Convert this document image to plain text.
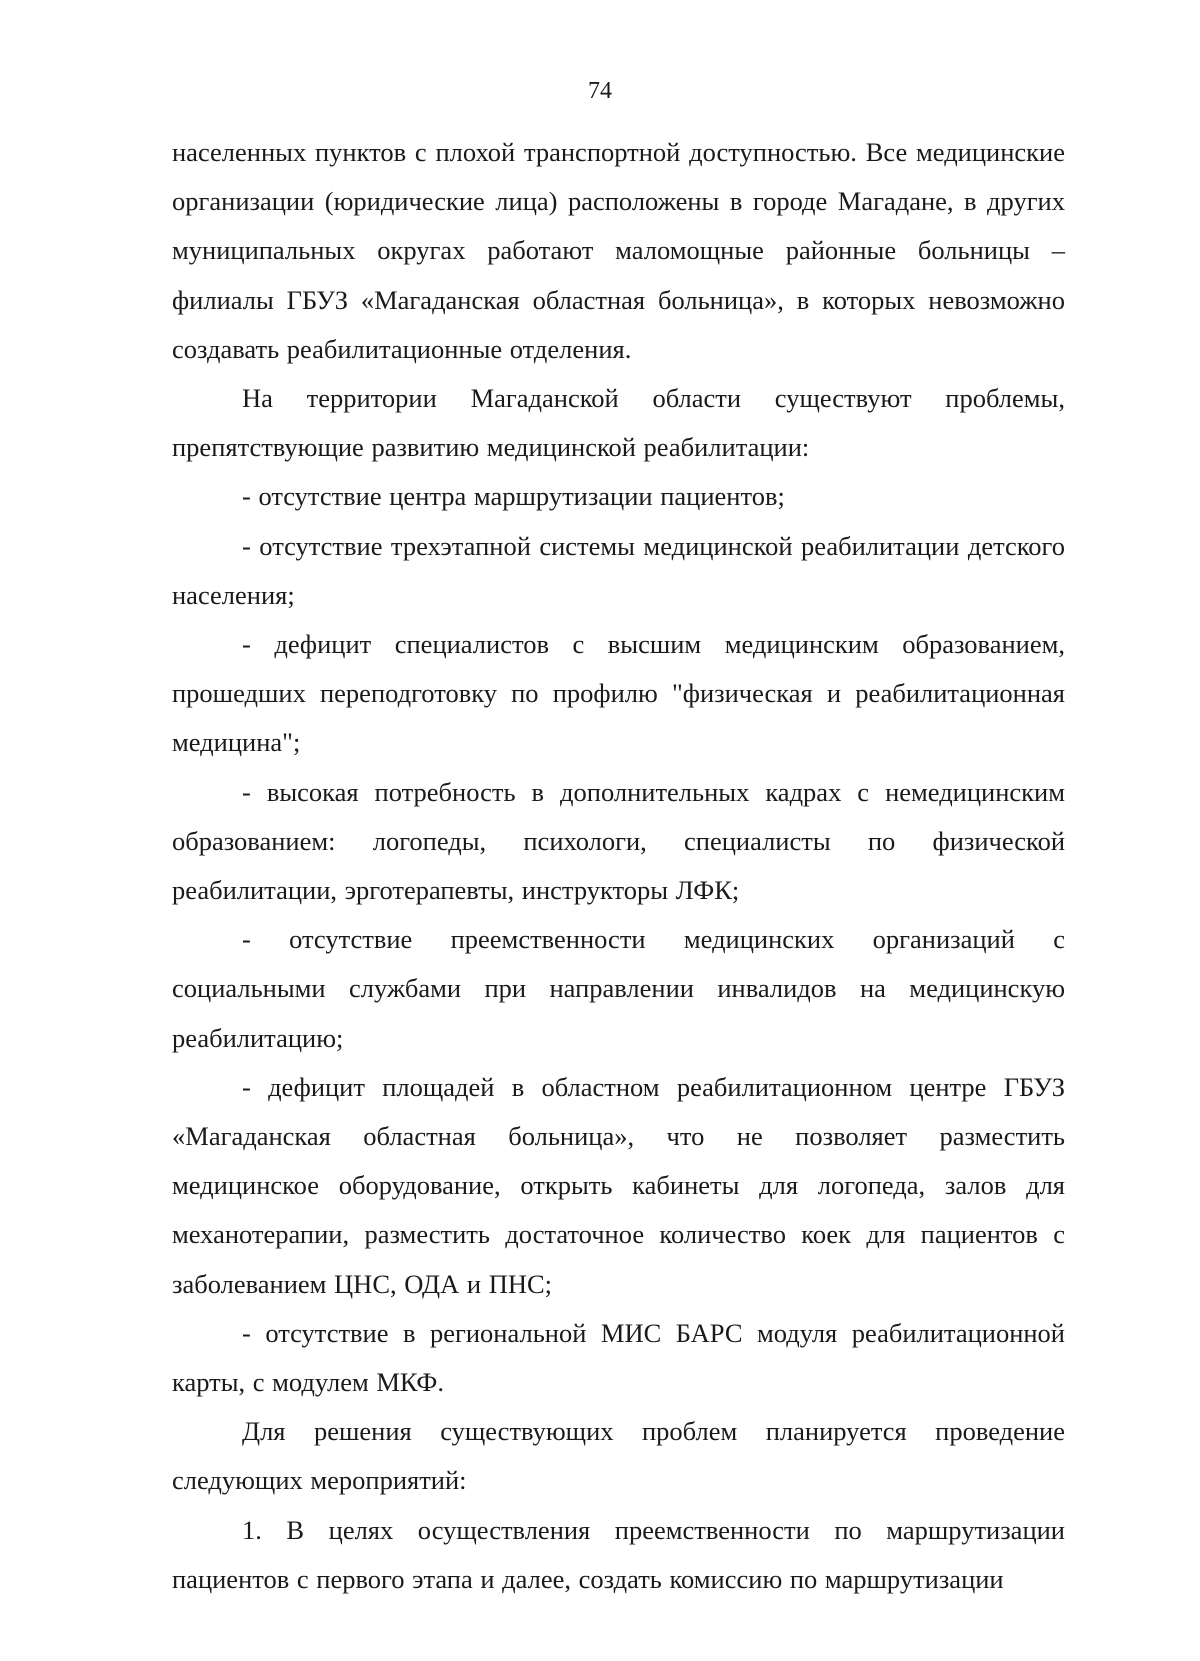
74

населенных пунктов с плохой транспортной доступностью. Все медицинские организации (юридические лица) расположены в городе Магадане, в других муниципальных округах работают маломощные районные больницы – филиалы ГБУЗ «Магаданская областная больница», в которых невозможно создавать реабилитационные отделения.

На территории Магаданской области существуют проблемы, препятствующие развитию медицинской реабилитации:

- отсутствие центра маршрутизации пациентов;

- отсутствие трехэтапной системы медицинской реабилитации детского населения;

- дефицит специалистов с высшим медицинским образованием, прошедших переподготовку по профилю "физическая и реабилитационная медицина";

- высокая потребность в дополнительных кадрах с немедицинским образованием: логопеды, психологи, специалисты по физической реабилитации, эрготерапевты, инструкторы ЛФК;

- отсутствие преемственности медицинских организаций с социальными службами при направлении инвалидов на медицинскую реабилитацию;

- дефицит площадей в областном реабилитационном центре ГБУЗ «Магаданская областная больница», что не позволяет разместить медицинское оборудование, открыть кабинеты для логопеда, залов для механотерапии, разместить достаточное количество коек для пациентов с заболеванием ЦНС, ОДА и ПНС;

- отсутствие в региональной МИС БАРС модуля реабилитационной карты, с модулем МКФ.

Для решения существующих проблем планируется проведение следующих мероприятий:

1. В целях осуществления преемственности по маршрутизации пациентов с первого этапа и далее, создать комиссию по маршрутизации
